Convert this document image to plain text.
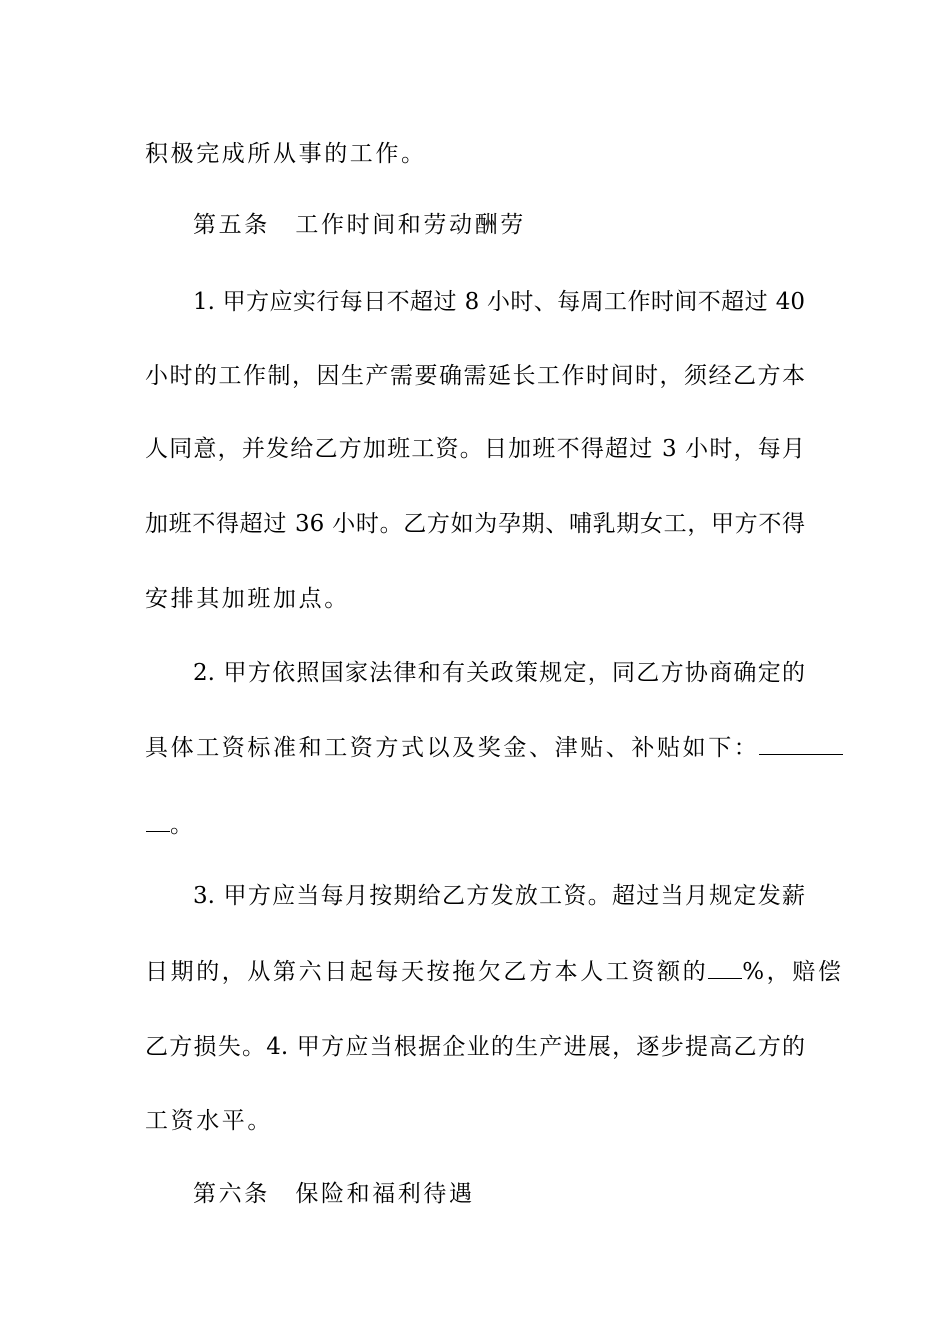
积极完成所从事的工作。
第五条　工作时间和劳动酬劳
1. 甲方应实行每日不超过 8 小时、每周工作时间不超过 40
小时的工作制，因生产需要确需延长工作时间时，须经乙方本
人同意，并发给乙方加班工资。日加班不得超过 3 小时，每月
加班不得超过 36 小时。乙方如为孕期、哺乳期女工，甲方不得
安排其加班加点。
2. 甲方依照国家法律和有关政策规定，同乙方协商确定的
具体工资标准和工资方式以及奖金、津贴、补贴如下：
。
3. 甲方应当每月按期给乙方发放工资。超过当月规定发薪
日期的，从第六日起每天按拖欠乙方本人工资额的 %，赔偿
乙方损失。4. 甲方应当根据企业的生产进展，逐步提高乙方的
工资水平。
第六条　保险和福利待遇
